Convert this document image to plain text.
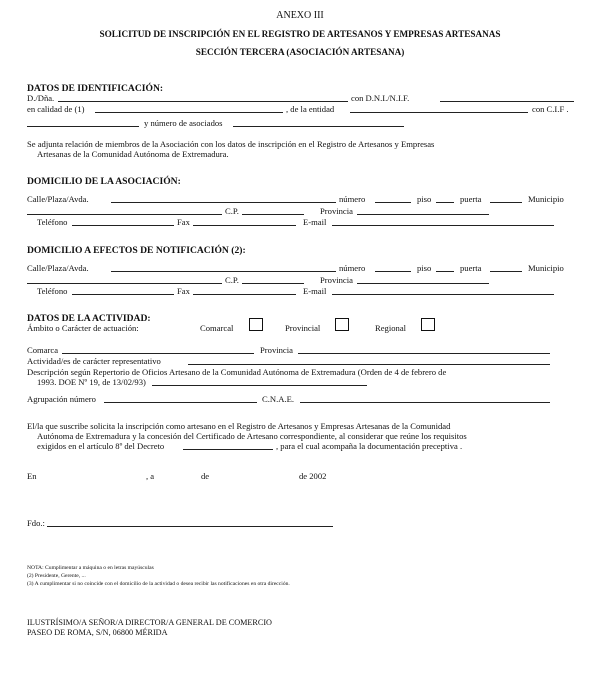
ANEXO III
SOLICITUD DE INSCRIPCIÓN EN EL REGISTRO DE ARTESANOS Y EMPRESAS ARTESANAS
SECCIÓN TERCERA (ASOCIACIÓN ARTESANA)
DATOS DE IDENTIFICACIÓN:
D./Dña.	con D.N.I./N.I.F.
en calidad de (1)	, de la entidad	con C.I.F .
y número de asociados
Se adjunta relación de miembros de la Asociación con los datos de inscripción en el Registro de Artesanos y Empresas
Artesanas de la Comunidad Autónoma de Extremadura.
DOMICILIO DE LA ASOCIACIÓN:
Calle/Plaza/Avda.	número	piso	puerta	Municipio
C.P.	Provincia
Teléfono	Fax	E-mail
DOMICILIO A EFECTOS DE NOTIFICACIÓN (2):
Calle/Plaza/Avda.	número	piso	puerta	Municipio
C.P.	Provincia
Teléfono	Fax	E-mail
DATOS DE LA ACTIVIDAD:
Ámbito o Carácter de actuación:	Comarcal	Provincial	Regional
Comarca	Provincia
Actividad/es de carácter representativo
Descripción según Repertorio de Oficios Artesano de la Comunidad Autónoma de Extremadura (Orden de 4 de febrero de
1993. DOE Nº 19, de 13/02/93)
Agrupación número	C.N.A.E.
El/la que suscribe solicita la inscripción como artesano en el Registro de Artesanos y Empresas Artesanas de la Comunidad
Autónoma de Extremadura y la concesión del Certificado de Artesano correspondiente, al considerar que reúne los requisitos
exigidos en el artículo 8º del Decreto	, para el cual acompaña la documentación preceptiva .
En	, a	de	de 2002
Fdo.:
NOTA: Cumplimentar a máquina o en letras mayúsculas
(2) Presidente, Gerente, ...
(3) A cumplimentar si no coincide con el domicilio de la actividad o desea recibir las notificaciones en otra dirección.
ILUSTRÍSIMO/A SEÑOR/A DIRECTOR/A GENERAL DE COMERCIO
PASEO DE ROMA, S/N, 06800 MÉRIDA
